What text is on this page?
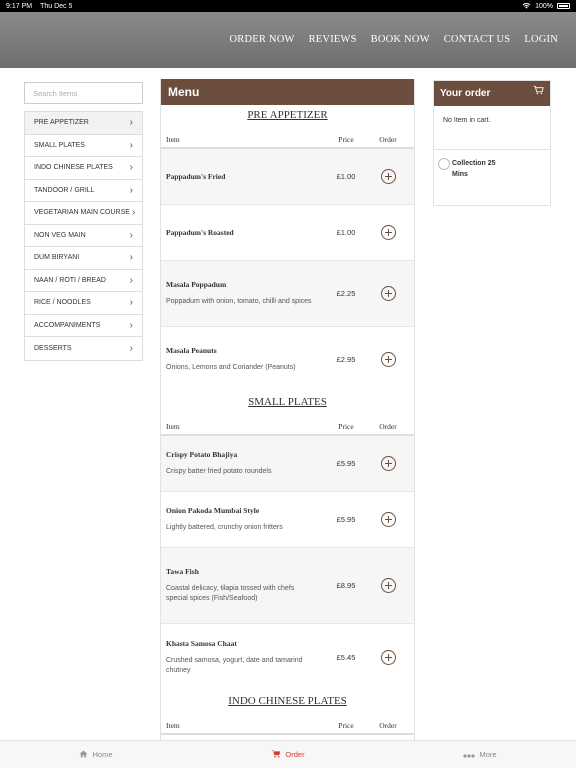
9:17 PM Thu Dec 5	100%
ORDER NOW REVIEWS BOOK NOW CONTACT US LOGIN
Search Items
PRE APPETIZER	›
SMALL PLATES	›
INDO CHINESE PLATES ›
TANDOOR / GRILL	›
VEGETARIAN MAIN COURSE ›
NON VEG MAIN	›
DUM BIRYANI	›
NAAN / ROTI / BREAD ›
RICE / NOODLES	›
ACCOMPANIMENTS	›
DESSERTS	›
Menu
PRE APPETIZER
Item	Price	Order
Pappadum's Fried	£1.00
Pappadum's Roasted	£1.00
Masala Poppadum
Poppadum with onion, tomato, chilli and spices
£2.25
Masala Peanuts
Onions, Lemons and Coriander (Peanuts)
£2.95
SMALL PLATES
Item	Price	Order
Crispy Potato Bhajiya
Crispy batter fried potato roundels
£5.95
Onion Pakoda Mumbai Style
Lightly battered, crunchy onion fritters
£5.95
Tawa Fish
Coastal delicacy, tilapia tossed with chefs special spices (Fish/Seafood)
£8.95
Khasta Samosa Chaat
Crushed samosa, yogurt, date and tamarind chutney
£5.45
INDO CHINESE PLATES
Item	Price	Order
Your order
No Item in cart.
Collection 25 Mins
Home	Order	More
